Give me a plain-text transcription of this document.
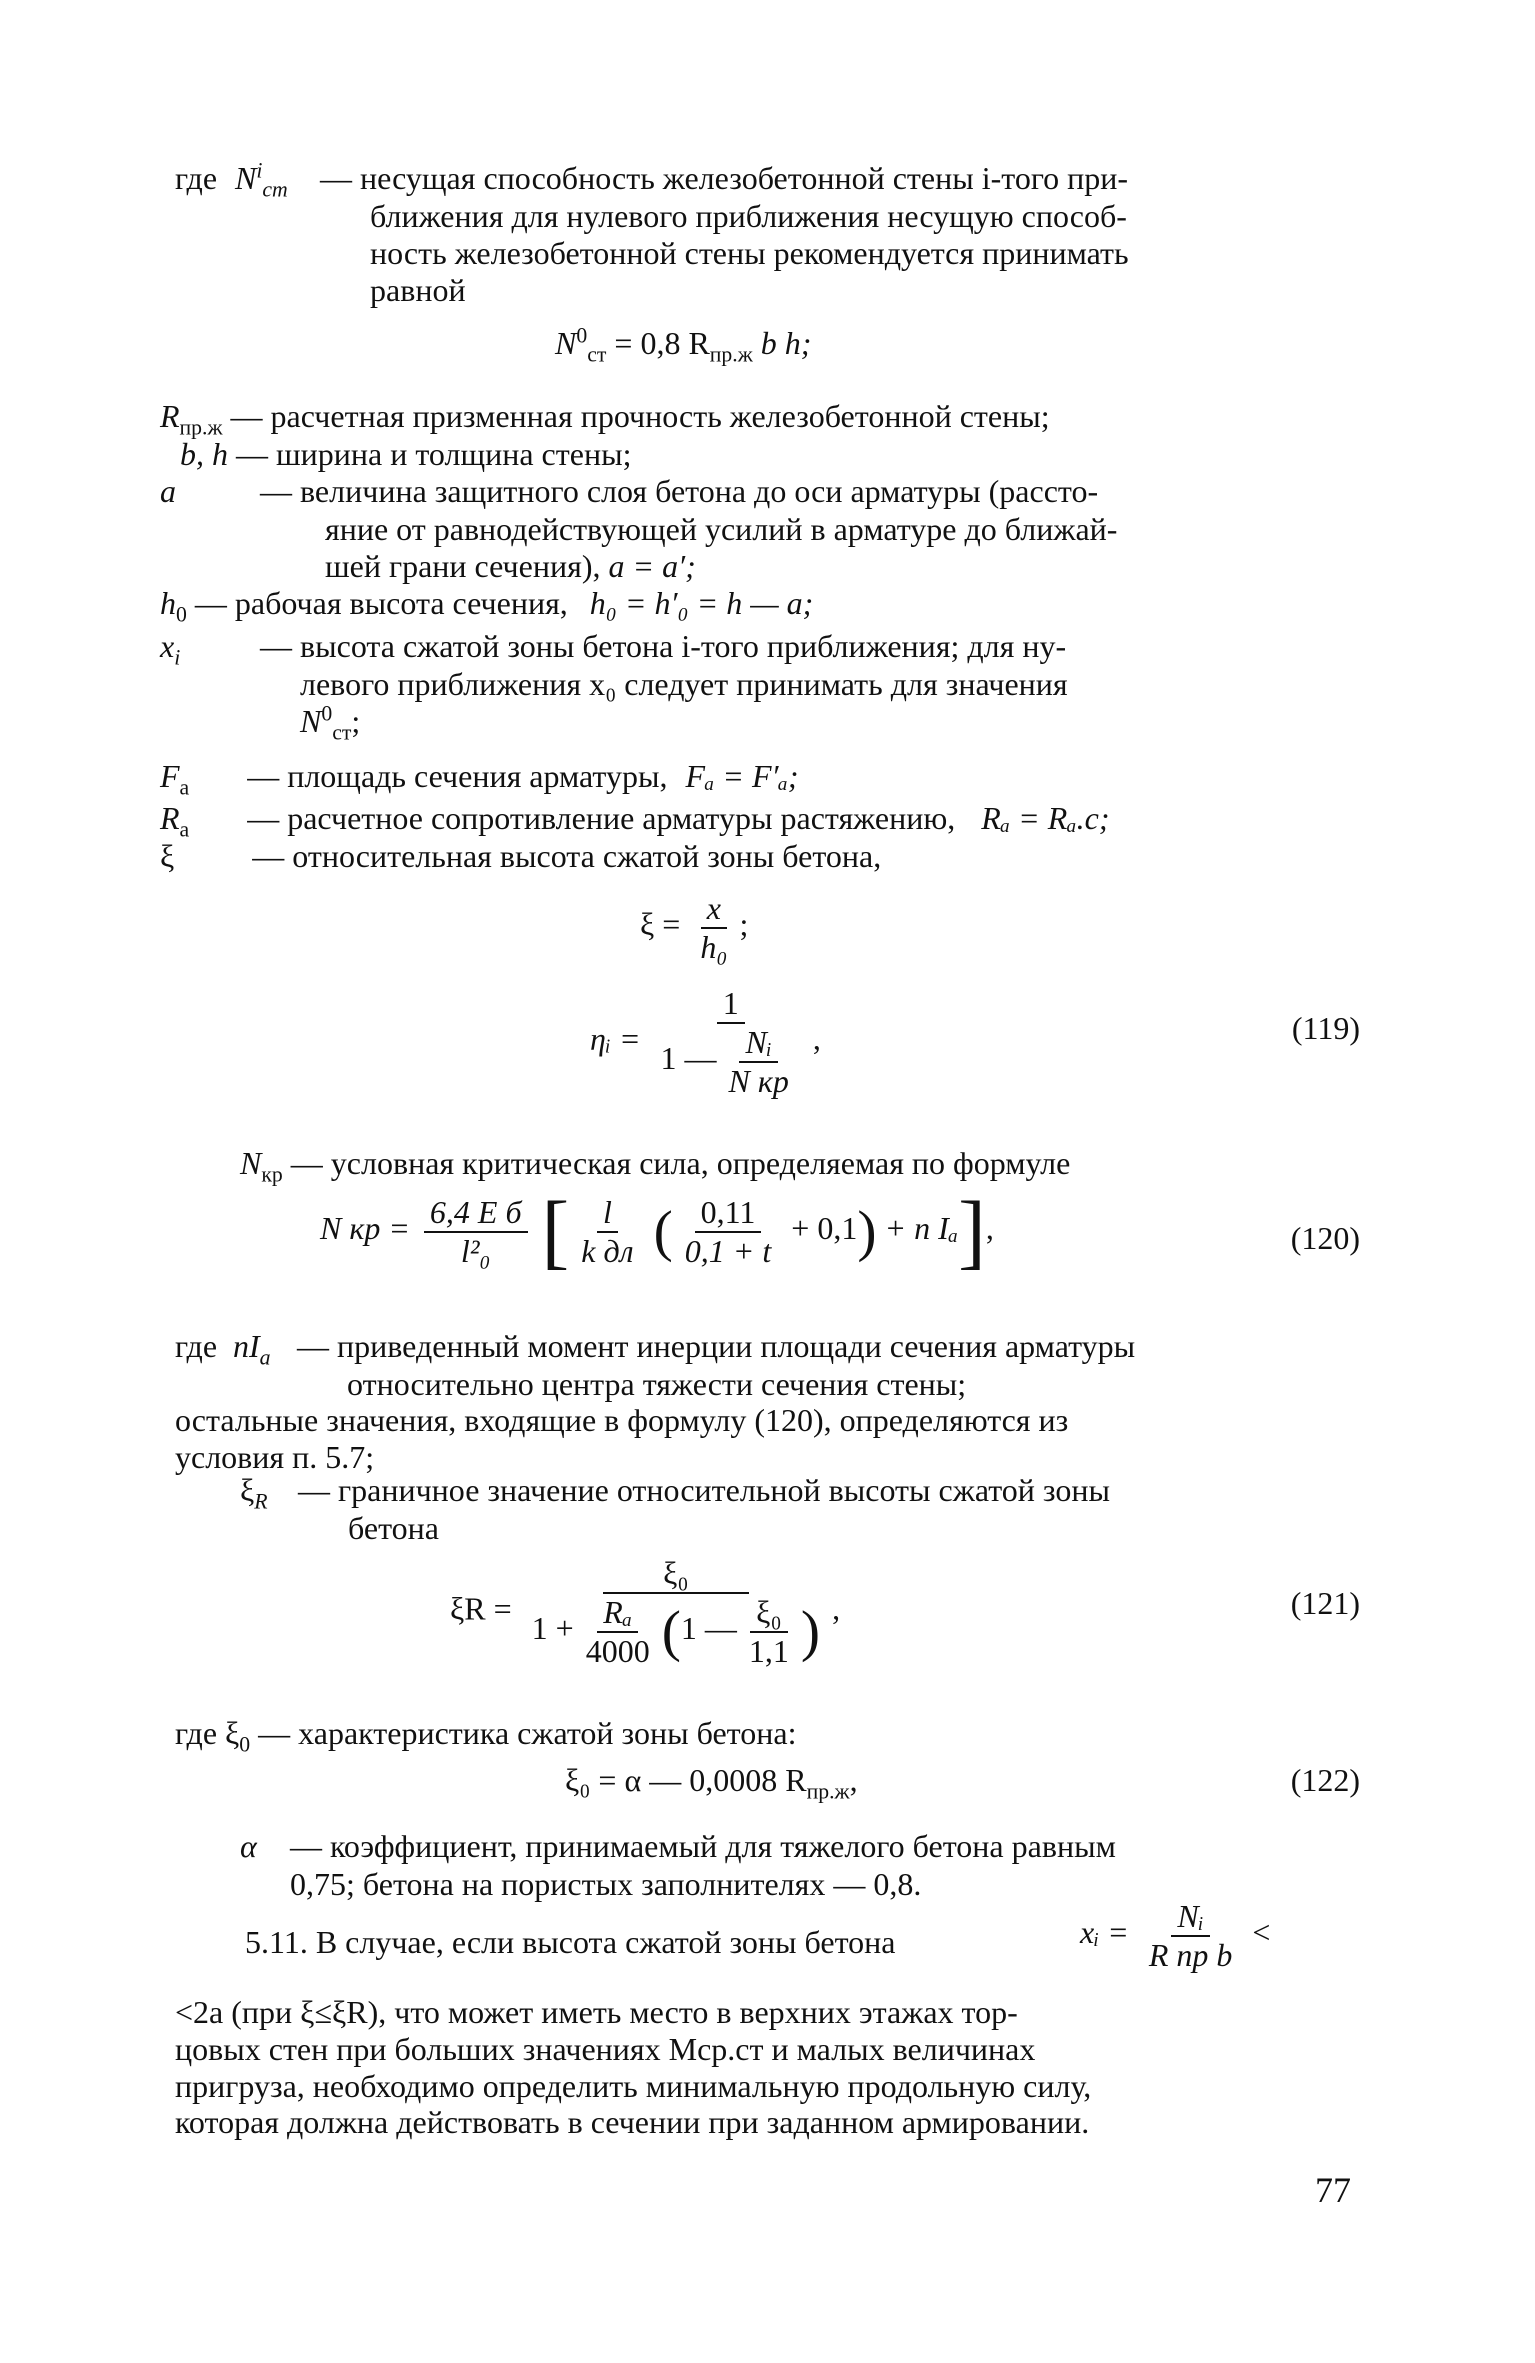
где $N^i_{ст}$ — несущая способность железобетонной стены i-того при-
ближения для нулевого приближения несущую способ-
ность железобетонной стены рекомендуется принимать
равной
$N^0_{ст} = 0,8$ $R_{пр.ж}$ b h;
$R_{пр.ж}$ — расчетная призменная прочность железобетонной стены;
b, h — ширина и толщина стены;
a	— величина защитного слоя бетона до оси арматуры (рассто-
яние от равнодействующей усилий в арматуре до ближай-
шей грани сечения), a = a′;
$h_0$ — рабочая высота сечения, h₀ = h′₀ = h — a;
$x_i$ — высота сжатой зоны бетона i-того приближения; для ну-
левого приближения x₀ следует принимать для значения
$N^0_{ст}$;
$F_а$ — площадь сечения арматуры, Fₐ = F′ₐ;
$R_а$ — расчетное сопротивление арматуры растяжению, Rₐ = Rₐ.с;
ξ — относительная высота сжатой зоны бетона,
$\xi = \frac{x}{\text{h₀}}$ ;
ηᵢ = $\frac{1}{1 — \frac{\text{Nᵢ}}{\text{N кр}}}$ ,	(119)
$N_{кр}$ — условная критическая сила, определяемая по формуле
N кр = $\frac{\text{6,4 E б}}{\text{l²₀}}$ [ $\frac{l}{\text{k дл}}$ ( $\frac{0,11}{0,1 + t} + 0,1) + n$ Iₐ],	(120)
где $nI_а$ — приведенный момент инерции площади сечения арматуры
относительно центра тяжести сечения стены;
остальные значения, входящие в формулу (120), определяются из
условия п. 5.7;
$\xi_R$ — граничное значение относительной высоты сжатой зоны
бетона
$\xi R = \frac{\text{ξ₀}}{1 + \frac{\text{Rₐ}}{4000} (1 — \frac{\text{ξ₀}}{1,1} )}$ ,	(121)
где $\xi_0$ — характеристика сжатой зоны бетона:
ξ₀ = α — 0,0008 $R_{пр.ж}$,	(122)
α — коэффициент, принимаемый для тяжелого бетона равным
0,75; бетона на пористых заполнителях — 0,8.
5.11. В случае, если высота сжатой зоны бетона	xᵢ = $\frac{\text{Nᵢ}}{\text{R пр b}}$ <
<2a (при ξ≤ξR), что может иметь место в верхних этажах тор-
цовых стен при больших значениях Mср.ст и малых величинах
пригруза, необходимо определить минимальную продольную силу,
которая должна действовать в сечении при заданном армировании.
77
